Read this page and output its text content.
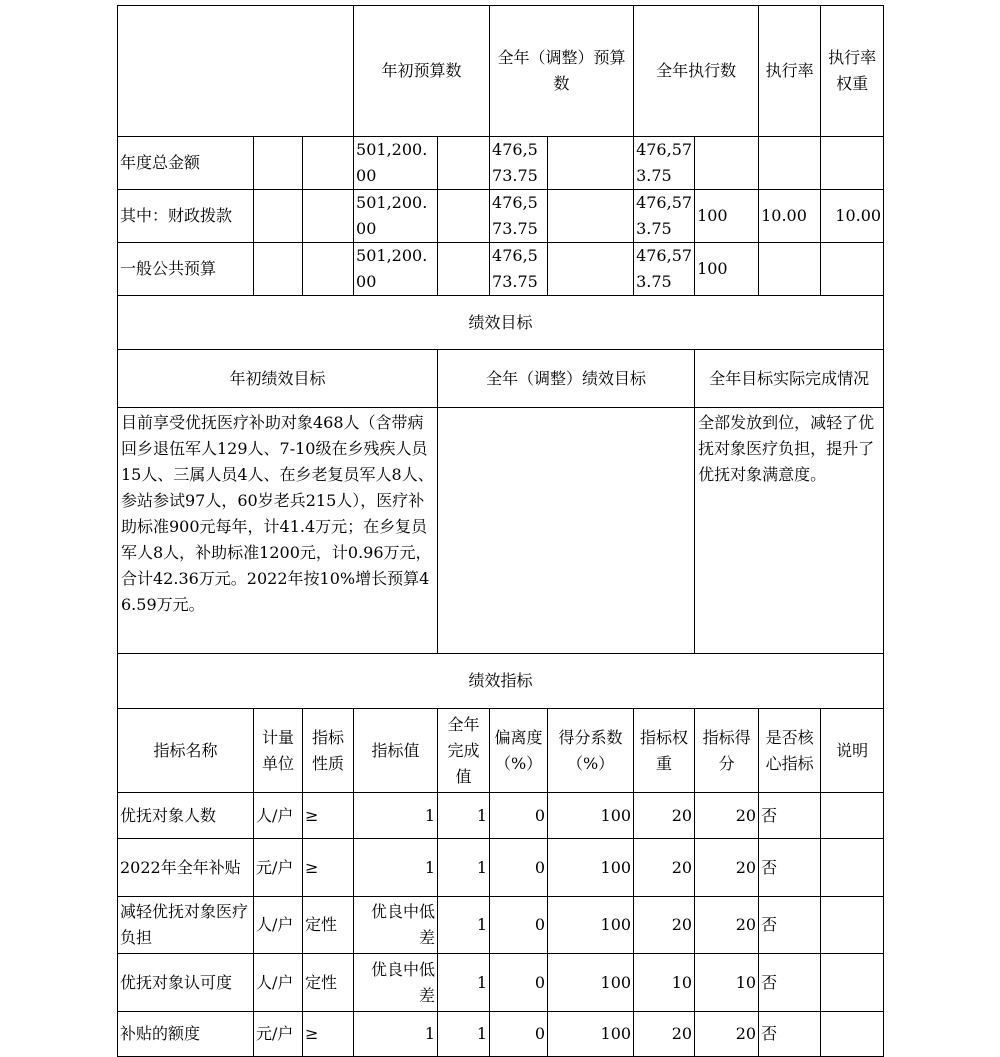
			年初预算数		全年（调整）预算数		全年执行数		执行率	执行率权重	
年度总金额			501,200.00		476,573.75		476,573.75				
其中：财政拨款			501,200.00		476,573.75		476,573.75	100	10.00	10.00	
一般公共预算			501,200.00		476,573.75		476,573.75	100			
绩效目标											
年初绩效目标				全年（调整）绩效目标				全年目标实际完成情况			
目前享受优抚医疗补助对象468人（含带病回乡退伍军人129人、7-10级在乡残疾人员15人、三属人员4人、在乡老复员军人8人、参站参试97人，60岁老兵215人），医疗补助标准900元每年，计41.4万元；在乡复员军人8人，补助标准1200元，计0.96万元，合计42.36万元。2022年按10%增长预算46.59万元。								全部发放到位，减轻了优抚对象医疗负担，提升了优抚对象满意度。			
绩效指标											
指标名称	计量单位	指标性质	指标值	全年完成值	偏离度（%）	得分系数（%）	指标权重	指标得分	是否核心指标	说明	
优抚对象人数	人/户	≥	1	1	0	100	20	20	否		
2022年全年补贴	元/户	≥	1	1	0	100	20	20	否		
减轻优抚对象医疗负担	人/户	定性	优良中低差	1	0	100	20	20	否		
优抚对象认可度	人/户	定性	优良中低差	1	0	100	10	10	否		
补贴的额度	元/户	≥	1	1	0	100	20	20	否		
